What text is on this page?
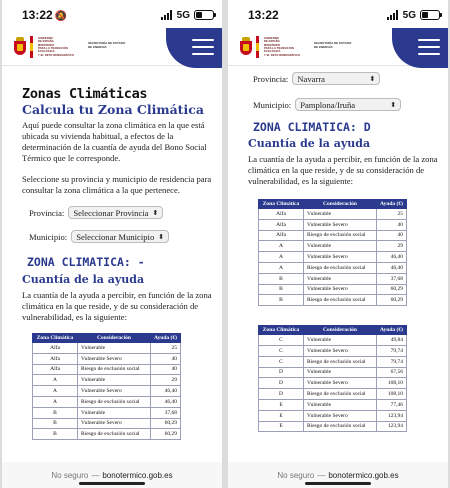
13:22 🔕	5G
GOBIERNO
DE ESPAÑA
MINISTERIO
PARA LA TRANSICIÓN ECOLÓGICA
Y EL RETO DEMOGRÁFICO
SECRETARÍA DE ESTADO
DE ENERGÍA
Zonas Climáticas
Calcula tu Zona Climática

Aquí puede consultar la zona climática en la que está ubicada su vivienda habitual, a efectos de la determinación de la cuantía de ayuda del Bono Social Térmico que le corresponde.

Seleccione su provincia y municipio de residencia para consultar la zona climática a la que pertenece.

Provincia: Seleccionar Provincia ⬍
Municipio: Seleccionar Municipio ⬍
ZONA CLIMATICA: -
Cuantía de la ayuda

La cuantía de la ayuda a percibir, en función de la zona climática en la que reside, y de su consideración de vulnerabilidad, es la siguiente:

Zona Climática	Consideración	Ayuda (€)
Alfa	Vulnerable	25
Alfa	Vulnerable Severo	40
Alfa	Riesgo de exclusión social	40
A	Vulnerable	29
A	Vulnerable Severo	46,40
A	Riesgo de exclusión social	46,40
B	Vulnerable	37,68
B	Vulnerable Severo	60,29
B	Riesgo de exclusión social	60,29
No seguro — bonotermico.gob.es
13:22	5G
GOBIERNO
DE ESPAÑA
MINISTERIO
PARA LA TRANSICIÓN ECOLÓGICA
Y EL RETO DEMOGRÁFICO
SECRETARÍA DE ESTADO
DE ENERGÍA
Provincia: Navarra	⬍
Municipio: Pamplona/Iruña	⬍
ZONA CLIMATICA: D
Cuantía de la ayuda

La cuantía de la ayuda a percibir, en función de la zona climática en la que reside, y de su consideración de vulnerabilidad, es la siguiente:

Zona Climática	Consideración	Ayuda (€)
Alfa	Vulnerable	25
Alfa	Vulnerable Severo	40
Alfa	Riesgo de exclusión social	40
A	Vulnerable	29
A	Vulnerable Severo	46,40
A	Riesgo de exclusión social	46,40
B	Vulnerable	37,68
B	Vulnerable Severo	60,29
B	Riesgo de exclusión social	60,29
Zona Climática	Consideración	Ayuda (€)
C	Vulnerable	49,84
C	Vulnerable Severo	79,74
C	Riesgo de exclusión social	79,74
D	Vulnerable	67,56
D	Vulnerable Severo	108,10
D	Riesgo de exclusión social	108,10
E	Vulnerable	77,46
E	Vulnerable Severo	123,94
E	Riesgo de exclusión social	123,94
No seguro — bonotermico.gob.es
